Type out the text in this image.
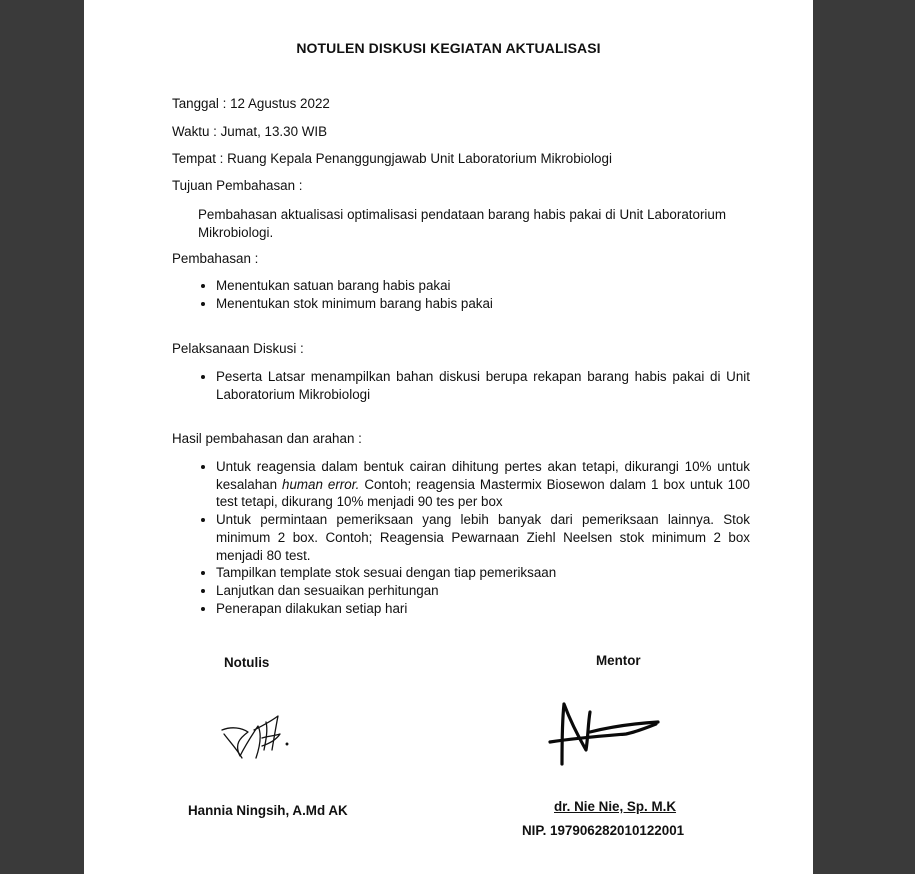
NOTULEN DISKUSI KEGIATAN AKTUALISASI
Tanggal : 12 Agustus 2022
Waktu : Jumat, 13.30 WIB
Tempat : Ruang Kepala Penanggungjawab Unit Laboratorium Mikrobiologi
Tujuan Pembahasan :
Pembahasan aktualisasi optimalisasi pendataan barang habis pakai di Unit Laboratorium Mikrobiologi.
Pembahasan :
• Menentukan satuan barang habis pakai
• Menentukan stok minimum barang habis pakai
Pelaksanaan Diskusi :
• Peserta Latsar menampilkan bahan diskusi berupa rekapan barang habis pakai di Unit Laboratorium Mikrobiologi
Hasil pembahasan dan arahan :
• Untuk reagensia dalam bentuk cairan dihitung pertes akan tetapi, dikurangi 10% untuk kesalahan human error. Contoh; reagensia Mastermix Biosewon dalam 1 box untuk 100 test tetapi, dikurang 10% menjadi 90 tes per box
• Untuk permintaan pemeriksaan yang lebih banyak dari pemeriksaan lainnya. Stok minimum 2 box. Contoh; Reagensia Pewarnaan Ziehl Neelsen stok minimum 2 box menjadi 80 test.
• Tampilkan template stok sesuai dengan tiap pemeriksaan
• Lanjutkan dan sesuaikan perhitungan
• Penerapan dilakukan setiap hari
Notulis	Mentor
Hannia Ningsih, A.Md AK	dr. Nie Nie, Sp. M.K
NIP. 197906282010122001
